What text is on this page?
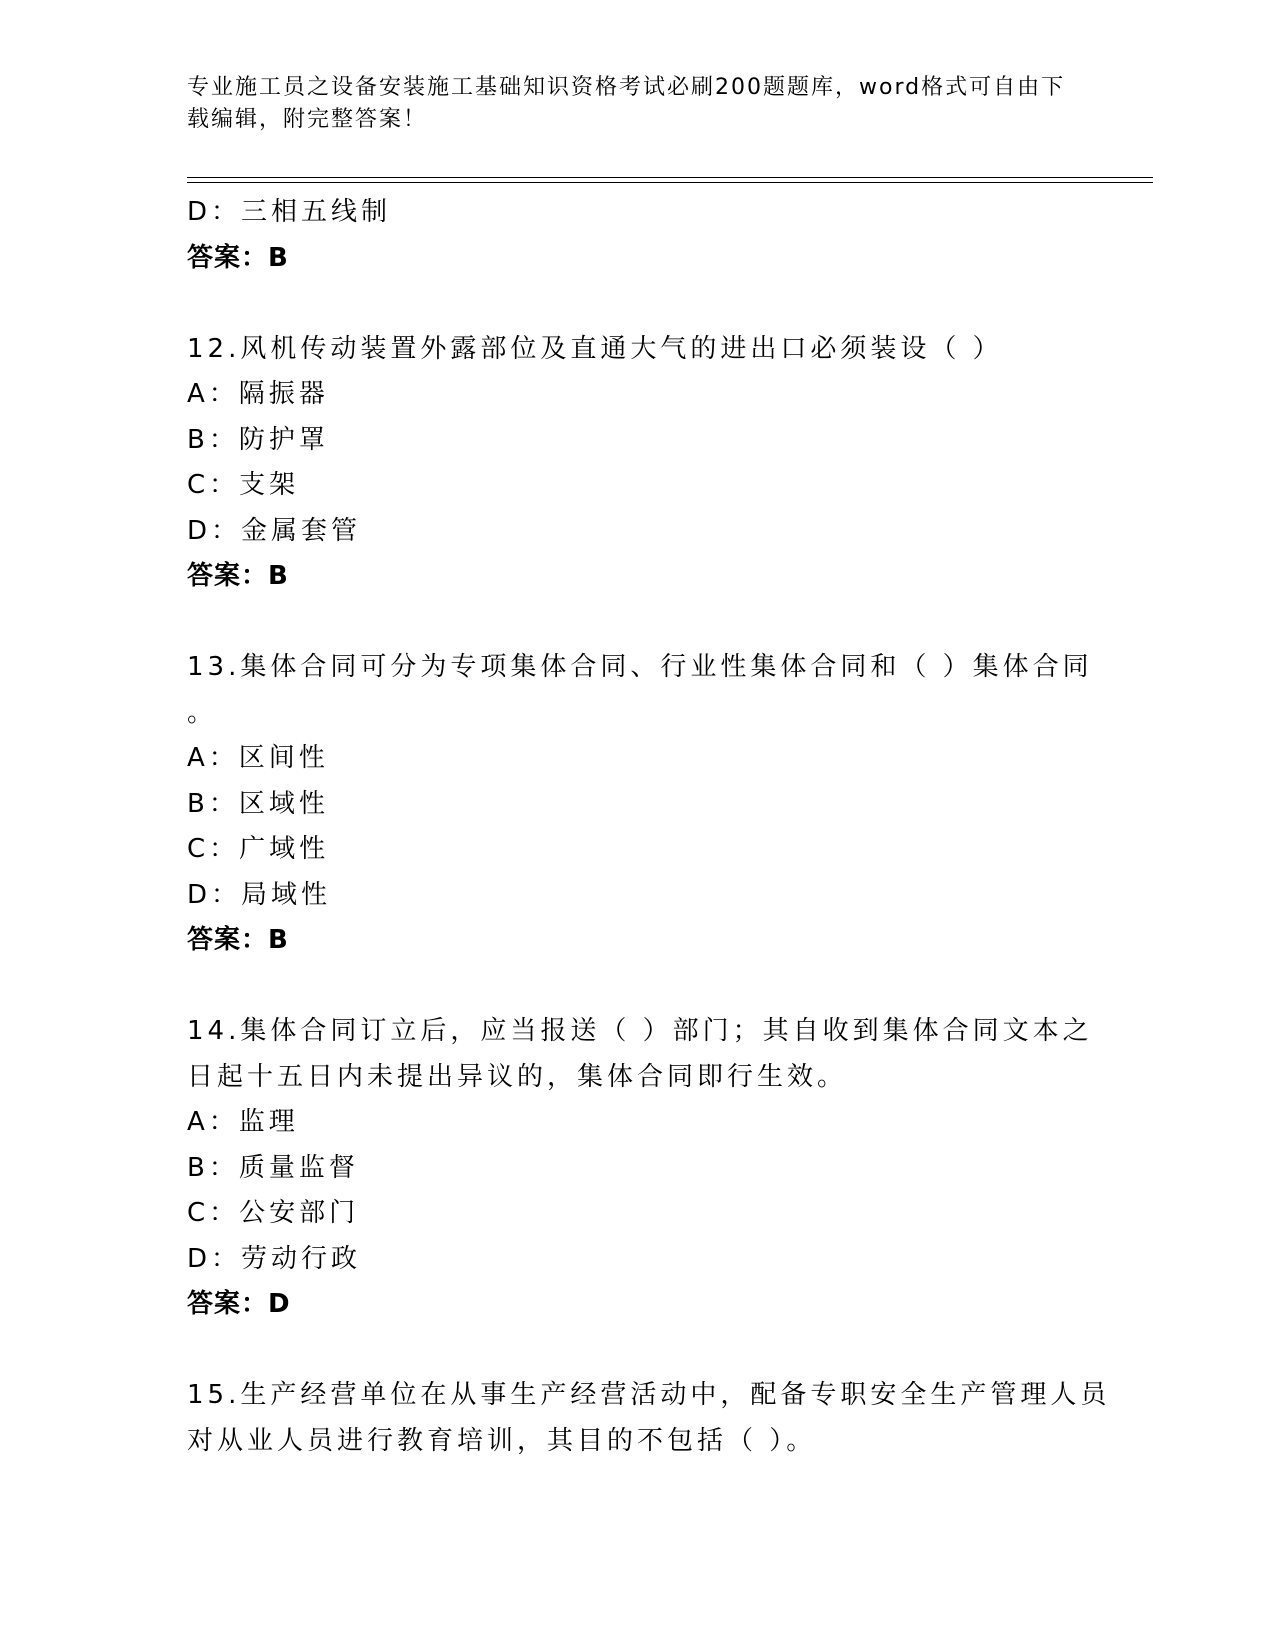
专业施工员之设备安装施工基础知识资格考试必刷200题题库，word格式可自由下载编辑，附完整答案！
D：三相五线制
答案：B
12.风机传动装置外露部位及直通大气的进出口必须装设（ ）
A：隔振器
B：防护罩
C：支架
D：金属套管
答案：B
13.集体合同可分为专项集体合同、行业性集体合同和（ ）集体合同
。
A：区间性
B：区域性
C：广域性
D：局域性
答案：B
14.集体合同订立后，应当报送（ ）部门；其自收到集体合同文本之
日起十五日内未提出异议的，集体合同即行生效。
A：监理
B：质量监督
C：公安部门
D：劳动行政
答案：D
15.生产经营单位在从事生产经营活动中，配备专职安全生产管理人员
对从业人员进行教育培训，其目的不包括（ ）。
